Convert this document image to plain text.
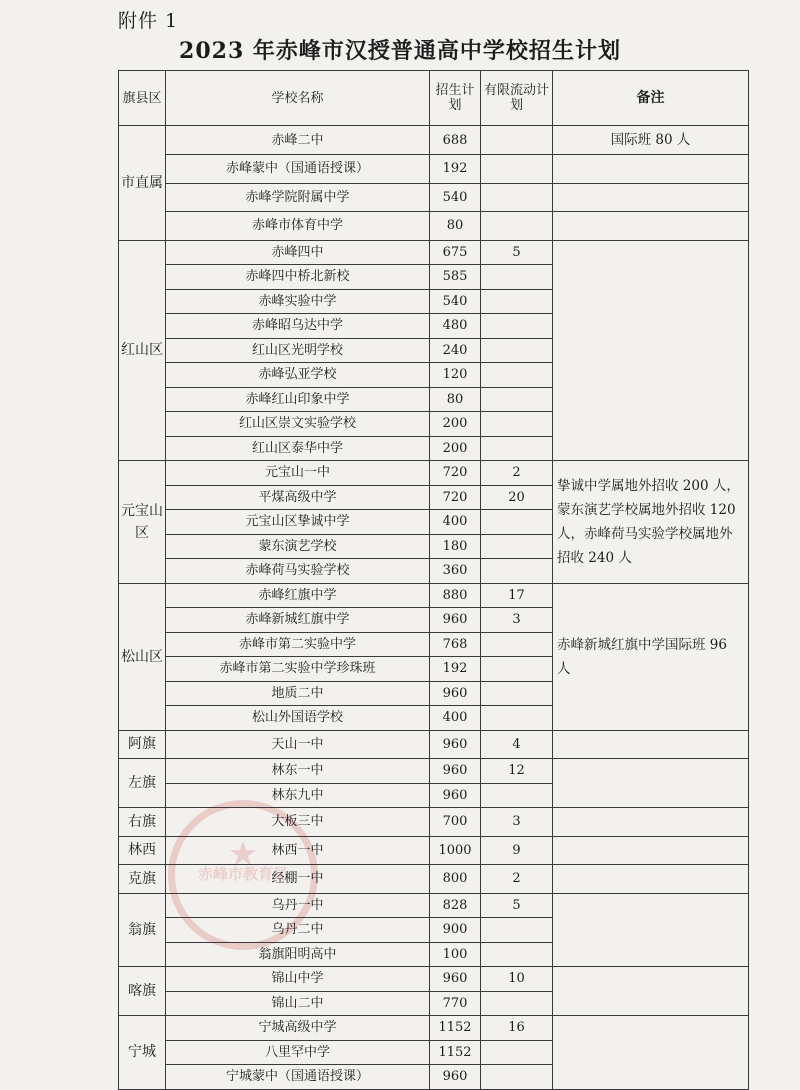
附件 1
2023 年赤峰市汉授普通高中学校招生计划
★
赤峰市教育局
旗县区	学校名称	招生计划	有限流动计划	备注
市直属	赤峰二中	688		国际班 80 人
	赤峰蒙中（国通语授课）	192		
	赤峰学院附属中学	540		
	赤峰市体育中学	80		
红山区	赤峰四中	675	5	
	赤峰四中桥北新校	585		
	赤峰实验中学	540		
	赤峰昭乌达中学	480		
	红山区光明学校	240		
	赤峰弘亚学校	120		
	赤峰红山印象中学	80		
	红山区崇文实验学校	200		
	红山区泰华中学	200		
元宝山区	元宝山一中	720	2	挚诚中学属地外招收 200 人，蒙东演艺学校属地外招收 120 人，赤峰荷马实验学校属地外招收 240 人
	平煤高级中学	720	20	
	元宝山区挚诚中学	400		
	蒙东演艺学校	180		
	赤峰荷马实验学校	360		
松山区	赤峰红旗中学	880	17	赤峰新城红旗中学国际班 96 人
	赤峰新城红旗中学	960	3	
	赤峰市第二实验中学	768		
	赤峰市第二实验中学珍珠班	192		
	地质二中	960		
	松山外国语学校	400		
阿旗	天山一中	960	4	
左旗	林东一中	960	12	
	林东九中	960		
右旗	大板三中	700	3	
林西	林西一中	1000	9	
克旗	经棚一中	800	2	
翁旗	乌丹一中	828	5	
	乌丹二中	900		
	翁旗阳明高中	100		
喀旗	锦山中学	960	10	
	锦山二中	770		
宁城	宁城高级中学	1152	16	
	八里罕中学	1152		
	宁城蒙中（国通语授课）	960		
